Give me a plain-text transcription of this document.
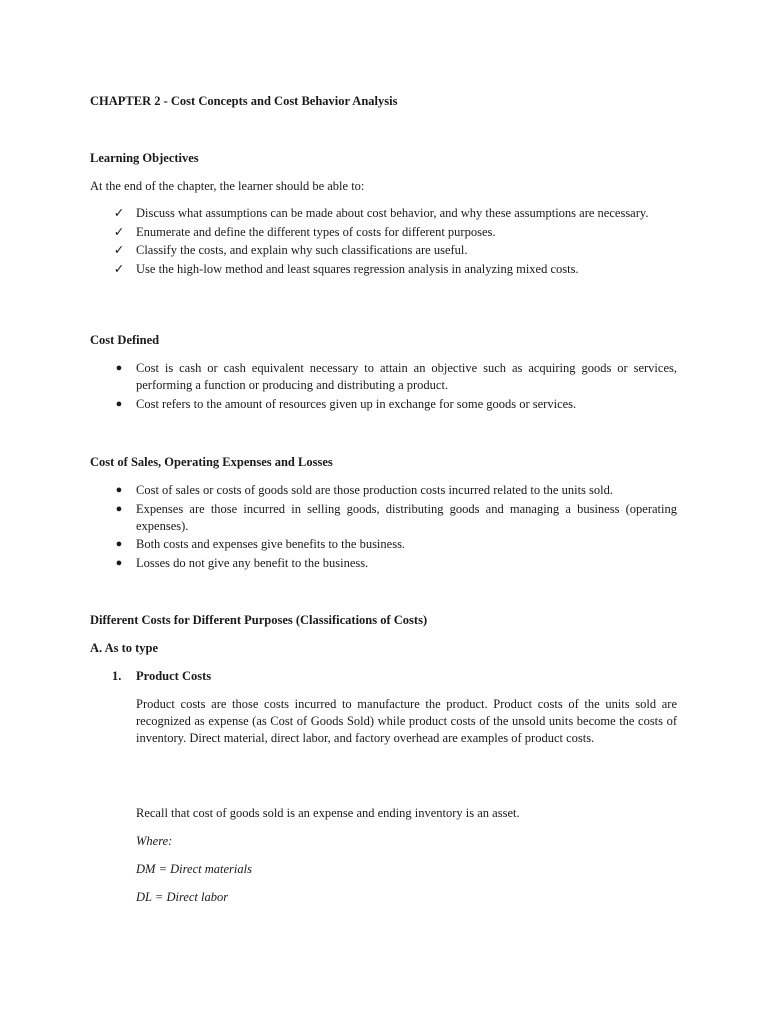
CHAPTER 2 - Cost Concepts and Cost Behavior Analysis

Learning Objectives

At the end of the chapter, the learner should be able to:

✓ Discuss what assumptions can be made about cost behavior, and why these assumptions are necessary.
✓ Enumerate and define the different types of costs for different purposes.
✓ Classify the costs, and explain why such classifications are useful.
✓ Use the high-low method and least squares regression analysis in analyzing mixed costs.

Cost Defined

● Cost is cash or cash equivalent necessary to attain an objective such as acquiring goods or services, performing a function or producing and distributing a product.
● Cost refers to the amount of resources given up in exchange for some goods or services.

Cost of Sales, Operating Expenses and Losses

● Cost of sales or costs of goods sold are those production costs incurred related to the units sold.
● Expenses are those incurred in selling goods, distributing goods and managing a business (operating expenses).
● Both costs and expenses give benefits to the business.
● Losses do not give any benefit to the business.

Different Costs for Different Purposes (Classifications of Costs)

A. As to type

1. Product Costs

Product costs are those costs incurred to manufacture the product. Product costs of the units sold are recognized as expense (as Cost of Goods Sold) while product costs of the unsold units become the costs of inventory. Direct material, direct labor, and factory overhead are examples of product costs.

Recall that cost of goods sold is an expense and ending inventory is an asset.

Where:

DM = Direct materials

DL = Direct labor
